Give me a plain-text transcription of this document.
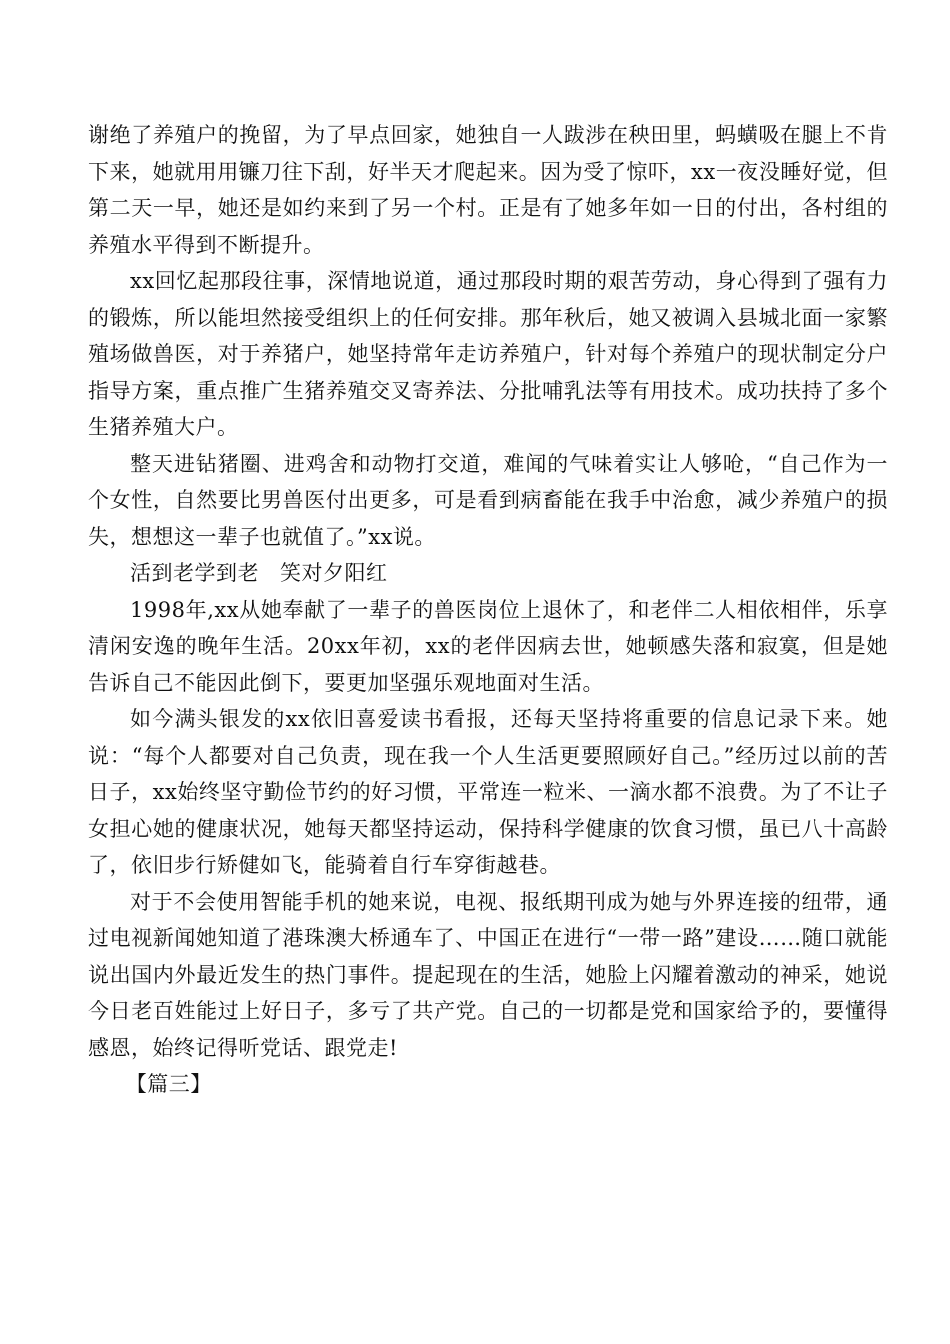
谢绝了养殖户的挽留，为了早点回家，她独自一人跋涉在秧田里，蚂蟥吸在腿上不肯下来，她就用用镰刀往下刮，好半天才爬起来。因为受了惊吓，xx一夜没睡好觉，但第二天一早，她还是如约来到了另一个村。正是有了她多年如一日的付出，各村组的养殖水平得到不断提升。

xx回忆起那段往事，深情地说道，通过那段时期的艰苦劳动，身心得到了强有力的锻炼，所以能坦然接受组织上的任何安排。那年秋后，她又被调入县城北面一家繁殖场做兽医，对于养猪户，她坚持常年走访养殖户，针对每个养殖户的现状制定分户指导方案，重点推广生猪养殖交叉寄养法、分批哺乳法等有用技术。成功扶持了多个生猪养殖大户。

整天进钻猪圈、进鸡舍和动物打交道，难闻的气味着实让人够呛，“自己作为一个女性，自然要比男兽医付出更多，可是看到病畜能在我手中治愈，减少养殖户的损失，想想这一辈子也就值了。”xx说。

活到老学到老 笑对夕阳红

1998年,xx从她奉献了一辈子的兽医岗位上退休了，和老伴二人相依相伴，乐享清闲安逸的晚年生活。20xx年初，xx的老伴因病去世，她顿感失落和寂寞，但是她告诉自己不能因此倒下，要更加坚强乐观地面对生活。

如今满头银发的xx依旧喜爱读书看报，还每天坚持将重要的信息记录下来。她说：“每个人都要对自己负责，现在我一个人生活更要照顾好自己。”经历过以前的苦日子，xx始终坚守勤俭节约的好习惯，平常连一粒米、一滴水都不浪费。为了不让子女担心她的健康状况，她每天都坚持运动，保持科学健康的饮食习惯，虽已八十高龄了，依旧步行矫健如飞，能骑着自行车穿街越巷。

对于不会使用智能手机的她来说，电视、报纸期刊成为她与外界连接的纽带，通过电视新闻她知道了港珠澳大桥通车了、中国正在进行“一带一路”建设……随口就能说出国内外最近发生的热门事件。提起现在的生活，她脸上闪耀着激动的神采，她说今日老百姓能过上好日子，多亏了共产党。自己的一切都是党和国家给予的，要懂得感恩，始终记得听党话、跟党走!

【篇三】
